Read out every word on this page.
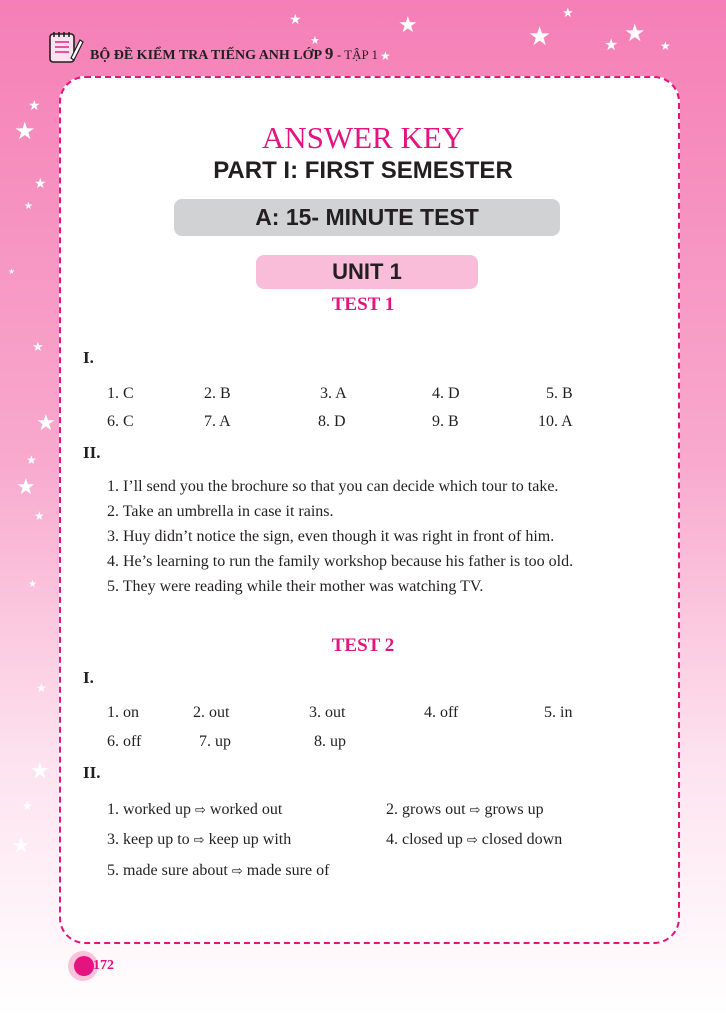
★
★
★
★	★
★
★ ★ ★
★
★
★
★
★
★
★
★
★
★
★
★
★
★
★
BỘ ĐỀ KIỂM TRA TIẾNG ANH LỚP 9 - TẬP 1
ANSWER KEY
PART I: FIRST SEMESTER
A: 15- MINUTE TEST
UNIT 1
TEST 1
I.
1. C	2. B	3. A	4. D	5. B
6. C	7. A	8. D	9. B	10. A
II.
1. I’ll send you the brochure so that you can decide which tour to take.
2. Take an umbrella in case it rains.
3. Huy didn’t notice the sign, even though it was right in front of him.
4. He’s learning to run the family workshop because his father is too old.
5. They were reading while their mother was watching TV.
TEST 2
I.
1. on	2. out	3. out	4. off	5. in
6. off	7. up	8. up
II.
1. worked up ⇨ worked out	2. grows out ⇨ grows up
3. keep up to ⇨ keep up with	4. closed up ⇨ closed down
5. made sure about ⇨ made sure of
172
